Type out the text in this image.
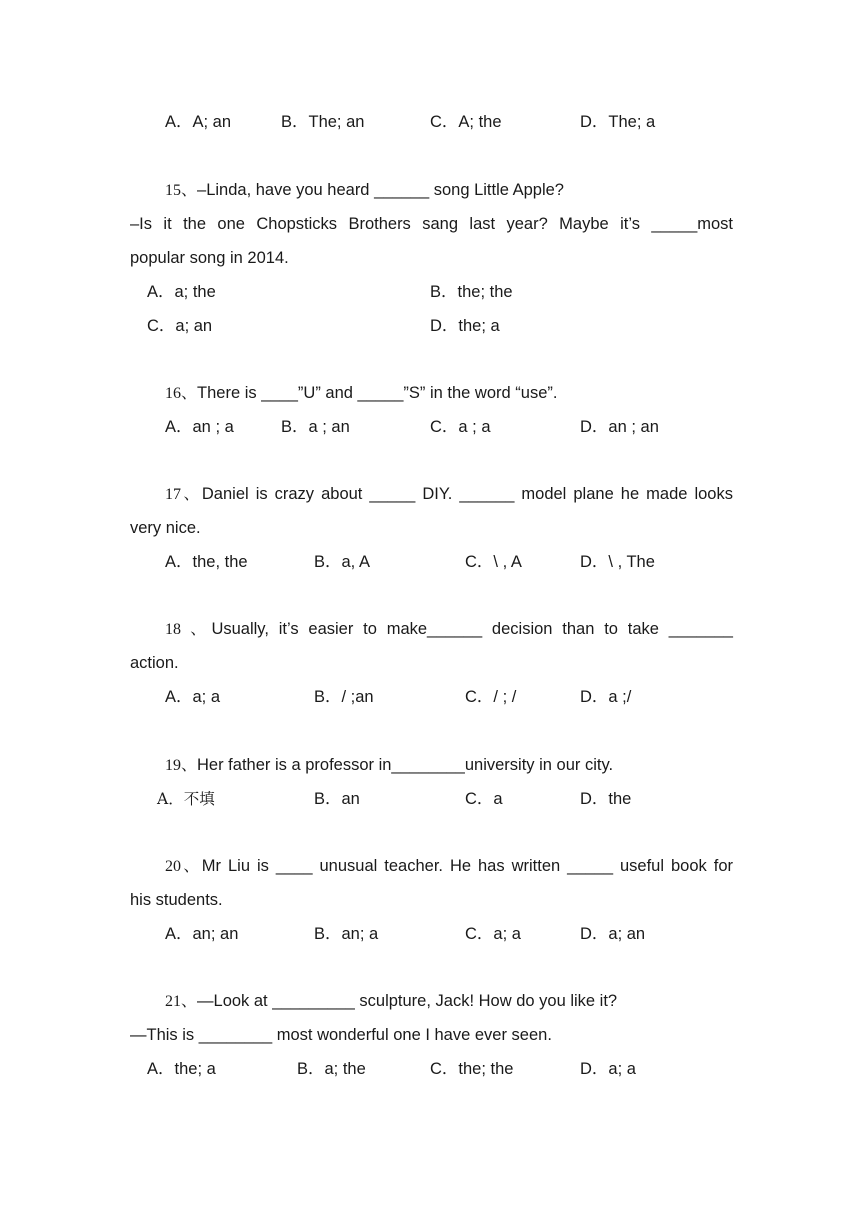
A．A; an	B．The; an	C．A; the	D．The; a
15、–Linda, have you heard ______ song Little Apple?
–Is it the one Chopsticks Brothers sang last year? Maybe it’s _____most
popular song in 2014.
A．a; the	B．the; the
C．a; an	D．the; a
16、There is ____”U” and _____”S” in the word “use”.
A．an ; a	B．a ; an	C．a ; a	D．an ; an
17、Daniel is crazy about _____ DIY. ______ model plane he made looks
very nice.
A．the, the	B．a, A	C．\ , A	D．\ , The
18 、Usually, it’s easier to make______ decision than to take _______
action.
A．a; a	B．/ ;an	C．/ ; /	D．a ;/
19、Her father is a professor in________university in our city.
A．不填	B．an	C．a	D．the
20、Mr Liu is ____ unusual teacher. He has written _____ useful book for
his students.
A．an; an	B．an; a	C．a; a	D．a; an
21、—Look at _________ sculpture, Jack! How do you like it?
—This is ________ most wonderful one I have ever seen.
A．the; a	B．a; the	C．the; the	D．a; a
